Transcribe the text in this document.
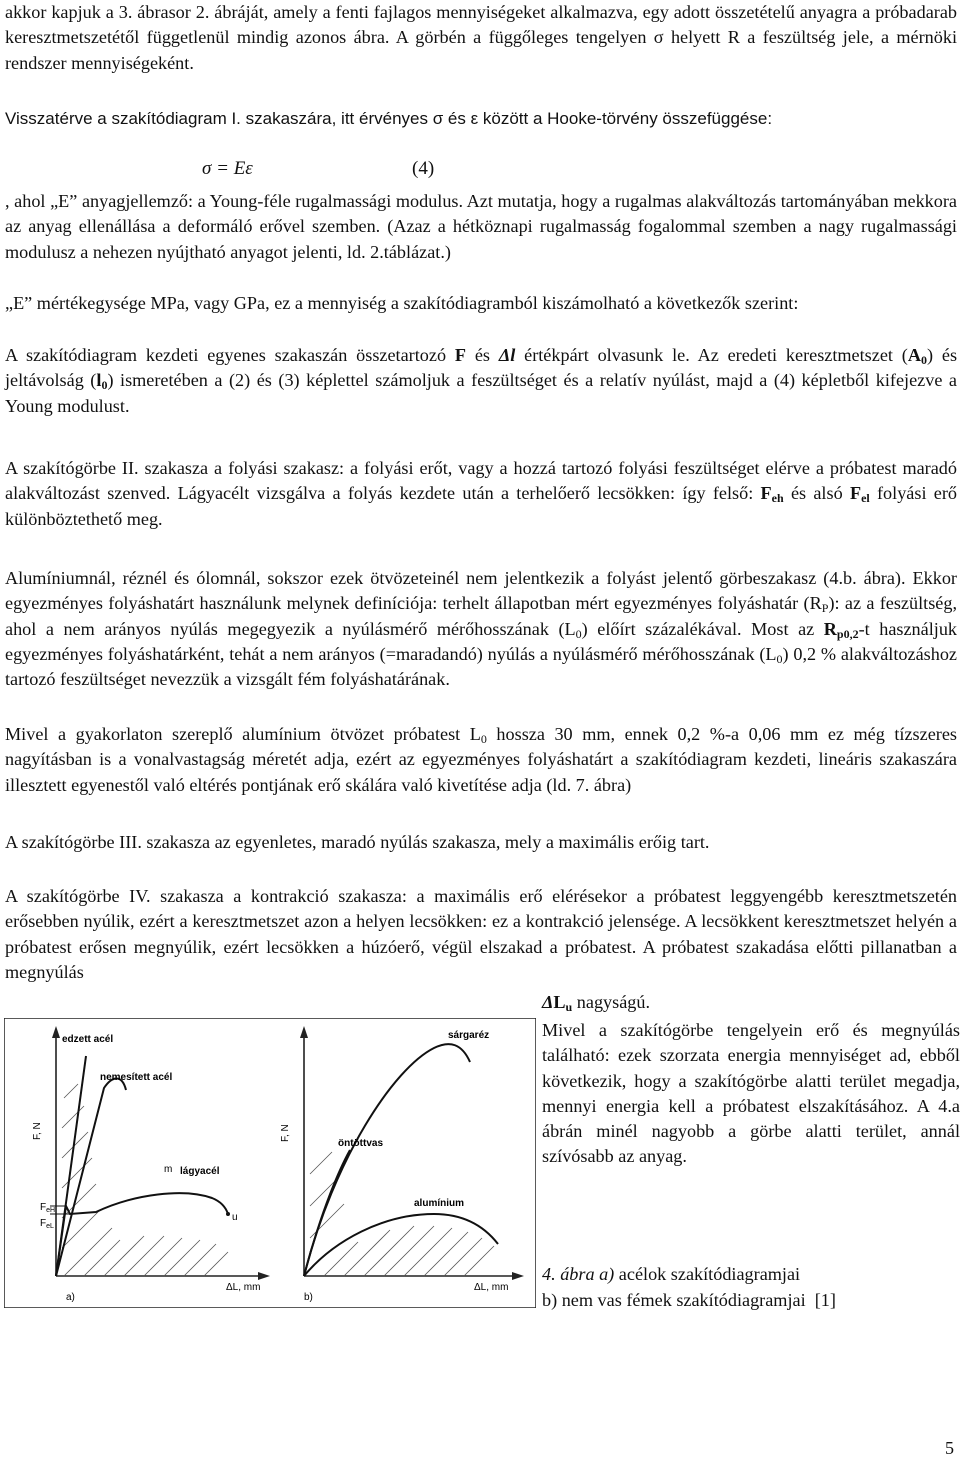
akkor kapjuk a 3. ábrasor 2. ábráját, amely a fenti fajlagos mennyiségeket alkalmazva, egy adott összetételű anyagra a próbadarab keresztmetszetétől függetlenül mindig azonos ábra. A görbén a függőleges tengelyen σ helyett R a feszültség jele, a mérnöki rendszer mennyiségeként.

Visszatérve a szakítódiagram I. szakaszára, itt érvényes σ és ε között a Hooke-törvény összefüggése:

σ = Eε	(4)

, ahol „E” anyagjellemző: a Young-féle rugalmassági modulus. Azt mutatja, hogy a rugalmas alakváltozás tartományában mekkora az anyag ellenállása a deformáló erővel szemben. (Azaz a hétköznapi rugalmasság fogalommal szemben a nagy rugalmassági modulusz a nehezen nyújtható anyagot jelenti, ld. 2.táblázat.)

„E” mértékegysége MPa, vagy GPa, ez a mennyiség a szakítódiagramból kiszámolható a következők szerint:

A szakítódiagram kezdeti egyenes szakaszán összetartozó F és Δl értékpárt olvasunk le. Az eredeti keresztmetszet $(A_0)$ és jeltávolság $(l_0)$ ismeretében a (2) és (3) képlettel számoljuk a feszültséget és a relatív nyúlást, majd a (4) képletből kifejezve a Young modulust.

A szakítógörbe II. szakasza a folyási szakasz: a folyási erőt, vagy a hozzá tartozó folyási feszültséget elérve a próbatest maradó alakváltozást szenved. Lágyacélt vizsgálva a folyás kezdete után a terhelőerő lecsökken: így felső: $F_{eh}$ és alsó $F_{el}$ folyási erő különböztethető meg.

Alumíniumnál, réznél és ólomnál, sokszor ezek ötvözeteinél nem jelentkezik a folyást jelentő görbeszakasz (4.b. ábra). Ekkor egyezményes folyáshatárt használunk melynek definíciója: terhelt állapotban mért egyezményes folyáshatár $(R_P)$: az a feszültség, ahol a nem arányos nyúlás megegyezik a nyúlásmérő mérőhosszának $(L_0)$ előírt százalékával. Most az $R_{p0,2}-t$ használjuk egyezményes folyáshatárként, tehát a nem arányos (=maradandó) nyúlás a nyúlásmérő mérőhosszának $(L_0)$ 0,2 % alakváltozáshoz tartozó feszültséget nevezzük a vizsgált fém folyáshatárának.

Mivel a gyakorlaton szereplő alumínium ötvözet próbatest $L_0$ hossza 30 mm, ennek 0,2 %-a 0,06 mm ez még tízszeres nagyításban is a vonalvastagság méretét adja, ezért az egyezményes folyáshatárt a szakítódiagram kezdeti, lineáris szakaszára illesztett egyenestől való eltérés pontjának erő skálára való kivetítése adja (ld. 7. ábra)

A szakítógörbe III. szakasza az egyenletes, maradó nyúlás szakasza, mely a maximális erőig tart.

A szakítógörbe IV. szakasza a kontrakció szakasza: a maximális erő elérésekor a próbatest leggyengébb keresztmetszetén erősebben nyúlik, ezért a keresztmetszet azon a helyen lecsökken: ez a kontrakció jelensége. A lecsökkent keresztmetszet helyén a próbatest erősen megnyúlik, ezért lecsökken a húzóerő, végül elszakad a próbatest. A próbatest szakadása előtti pillanatban a megnyúlás

$\Delta L_u$ nagyságú.
Mivel a szakítógörbe tengelyein erő és megnyúlás található: ezek szorzata energia mennyiséget ad, ebből következik, hogy a szakítógörbe alatti terület megadja, mennyi energia kell a próbatest elszakításához. A 4.a ábrán minél nagyobb a görbe alatti terület, annál szívósabb az anyag.
edzett acél
nemesített acél
lágyacél
m
u
$F_{eH}$
$F_{eL}$
F, N
ΔL, mm
a)
sárgaréz
öntöttvas
alumínium
F, N
ΔL, mm
b)
4. ábra a) acélok szakítódiagramjai
b) nem vas fémek szakítódiagramjai  [1]
5
